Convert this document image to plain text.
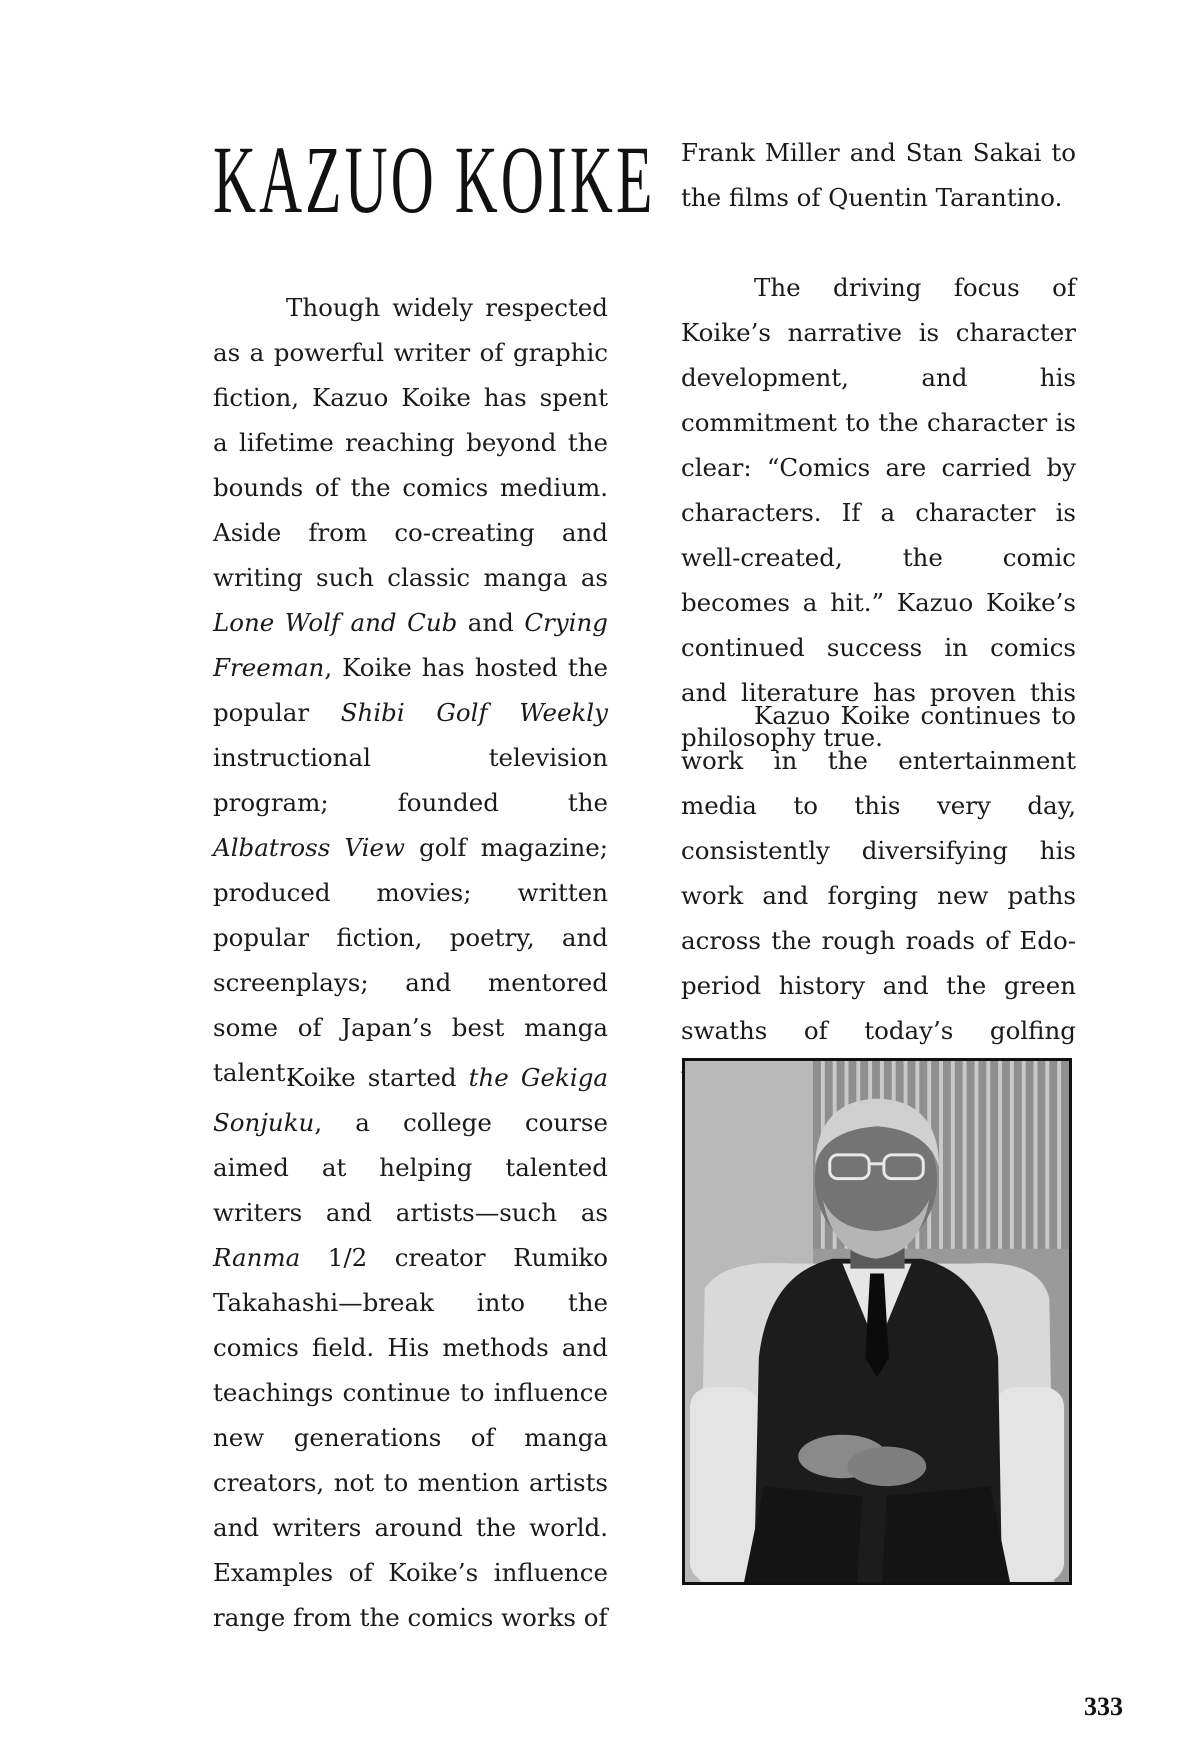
KAZUO KOIKE

Though widely respected as a powerful writer of graphic fiction, Kazuo Koike has spent a lifetime reaching beyond the bounds of the comics medium. Aside from co-creating and writing such classic manga as Lone Wolf and Cub and Crying Freeman, Koike has hosted the popular Shibi Golf Weekly instructional television program; founded the Albatross View golf magazine; produced movies; written popular fiction, poetry, and screenplays; and mentored some of Japan’s best manga talent.

Koike started the Gekiga Sonjuku, a college course aimed at helping talented writers and artists—such as Ranma 1/2 creator Rumiko Takahashi—break into the comics field. His methods and teachings continue to influence new generations of manga creators, not to mention artists and writers around the world. Examples of Koike’s influence range from the comics works of

Frank Miller and Stan Sakai to the films of Quentin Tarantino.

The driving focus of Koike’s narrative is character development, and his commitment to the character is clear: “Comics are carried by characters. If a character is well-created, the comic becomes a hit.” Kazuo Koike’s continued success in comics and literature has proven this philosophy true.

Kazuo Koike continues to work in the entertainment media to this very day, consistently diversifying his work and forging new paths across the rough roads of Edo-period history and the green swaths of today’s golfing

333
